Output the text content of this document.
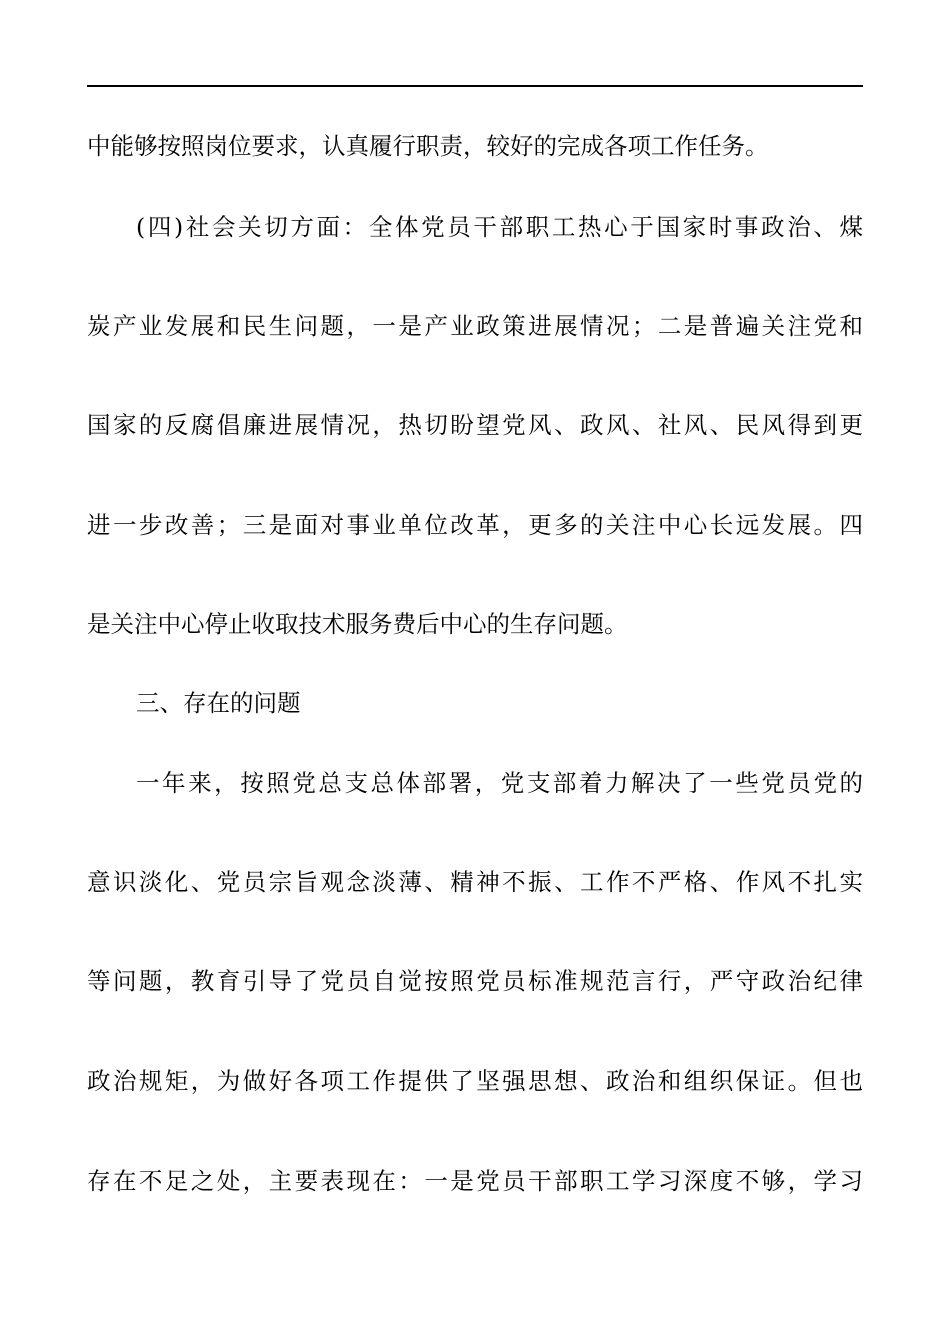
中能够按照岗位要求，认真履行职责，较好的完成各项工作任务。
(四)社会关切方面：全体党员干部职工热心于国家时事政治、煤
炭产业发展和民生问题，一是产业政策进展情况；二是普遍关注党和
国家的反腐倡廉进展情况，热切盼望党风、政风、社风、民风得到更
进一步改善；三是面对事业单位改革，更多的关注中心长远发展。四
是关注中心停止收取技术服务费后中心的生存问题。
三、存在的问题
一年来，按照党总支总体部署，党支部着力解决了一些党员党的
意识淡化、党员宗旨观念淡薄、精神不振、工作不严格、作风不扎实
等问题，教育引导了党员自觉按照党员标准规范言行，严守政治纪律
政治规矩，为做好各项工作提供了坚强思想、政治和组织保证。但也
存在不足之处，主要表现在：一是党员干部职工学习深度不够，学习
